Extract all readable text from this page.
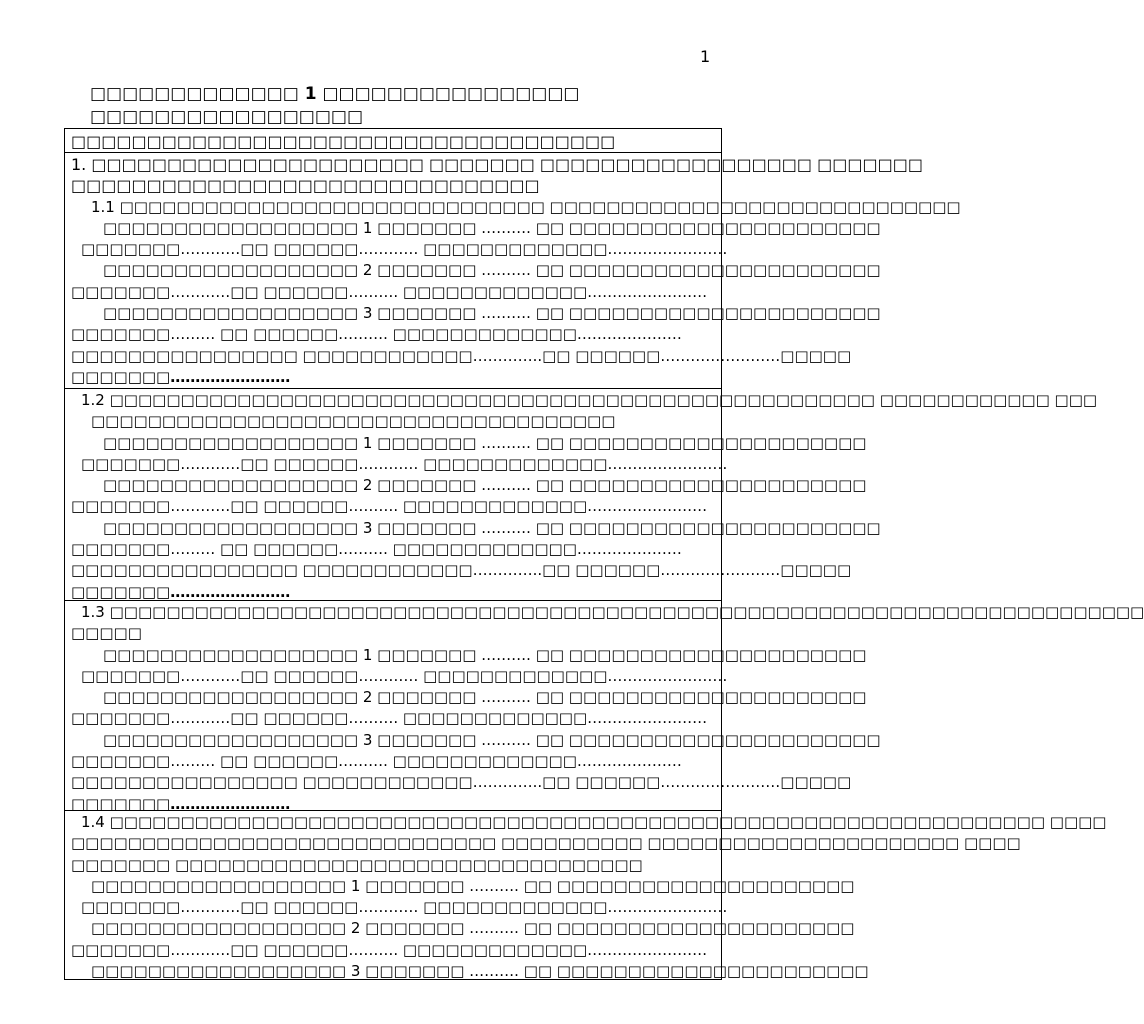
1
□□□□□□□□□□□□□ 1 □□□□□□□□□□□□□□□□
□□□□□□□□□□□□□□□□□
□□□□□□□□□□□□□□□□□□□□□□□□□□□□□□□□□□□□
1. □□□□□□□□□□□□□□□□□□□□□□ □□□□□□□ □□□□□□□□□□□□□□□□□□ □□□□□□□
□□□□□□□□□□□□□□□□□□□□□□□□□□□□□□□
1.1 □□□□□□□□□□□□□□□□□□□□□□□□□□□□□□ □□□□□□□□□□□□□□□□□□□□□□□□□□□□□
□□□□□□□□□□□□□□□□□□ 1 □□□□□□□ ………. □□ □□□□□□□□□□□□□□□□□□□□□□
□□□□□□□…………□□ □□□□□□………… □□□□□□□□□□□□□……………………
□□□□□□□□□□□□□□□□□□ 2 □□□□□□□ ………. □□ □□□□□□□□□□□□□□□□□□□□□□
□□□□□□□…………□□ □□□□□□………. □□□□□□□□□□□□□……………………
□□□□□□□□□□□□□□□□□□ 3 □□□□□□□ ………. □□ □□□□□□□□□□□□□□□□□□□□□□
□□□□□□□……… □□ □□□□□□………. □□□□□□□□□□□□□…………………
□□□□□□□□□□□□□□□□ □□□□□□□□□□□□…………..□□ □□□□□□……………………□□□□□
□□□□□□□……………………
1.2 □□□□□□□□□□□□□□□□□□□□□□□□□□□□□□□□□□□□□□□□□□□□□□□□□□□□□□ □□□□□□□□□□□□ □□□
□□□□□□□□□□□□□□□□□□□□□□□□□□□□□□□□□□□□□
□□□□□□□□□□□□□□□□□□ 1 □□□□□□□ ………. □□ □□□□□□□□□□□□□□□□□□□□□
□□□□□□□…………□□ □□□□□□………… □□□□□□□□□□□□□……………………
□□□□□□□□□□□□□□□□□□ 2 □□□□□□□ ………. □□ □□□□□□□□□□□□□□□□□□□□□
□□□□□□□…………□□ □□□□□□………. □□□□□□□□□□□□□……………………
□□□□□□□□□□□□□□□□□□ 3 □□□□□□□ ………. □□ □□□□□□□□□□□□□□□□□□□□□□
□□□□□□□……… □□ □□□□□□………. □□□□□□□□□□□□□…………………
□□□□□□□□□□□□□□□□ □□□□□□□□□□□□…………..□□ □□□□□□……………………□□□□□
□□□□□□□……………………
1.3 □□□□□□□□□□□□□□□□□□□□□□□□□□□□□□□□□□□□□□□□□□□□□□□□□□□□□□□□□□□□□□□□□□□□□□□□□
□□□□□
□□□□□□□□□□□□□□□□□□ 1 □□□□□□□ ………. □□ □□□□□□□□□□□□□□□□□□□□□
□□□□□□□…………□□ □□□□□□………… □□□□□□□□□□□□□……………………
□□□□□□□□□□□□□□□□□□ 2 □□□□□□□ ………. □□ □□□□□□□□□□□□□□□□□□□□□
□□□□□□□…………□□ □□□□□□………. □□□□□□□□□□□□□……………………
□□□□□□□□□□□□□□□□□□ 3 □□□□□□□ ………. □□ □□□□□□□□□□□□□□□□□□□□□□
□□□□□□□……… □□ □□□□□□………. □□□□□□□□□□□□□…………………
□□□□□□□□□□□□□□□□ □□□□□□□□□□□□…………..□□ □□□□□□……………………□□□□□
□□□□□□□……………………
1.4 □□□□□□□□□□□□□□□□□□□□□□□□□□□□□□□□□□□□□□□□□□□□□□□□□□□□□□□□□□□□□□□□□□ □□□□
□□□□□□□□□□□□□□□□□□□□□□□□□□□□□□ □□□□□□□□□□ □□□□□□□□□□□□□□□□□□□□□□ □□□□
□□□□□□□ □□□□□□□□□□□□□□□□□□□□□□□□□□□□□□□□□
□□□□□□□□□□□□□□□□□□ 1 □□□□□□□ ………. □□ □□□□□□□□□□□□□□□□□□□□□
□□□□□□□…………□□ □□□□□□………… □□□□□□□□□□□□□……………………
□□□□□□□□□□□□□□□□□□ 2 □□□□□□□ ………. □□ □□□□□□□□□□□□□□□□□□□□□
□□□□□□□…………□□ □□□□□□………. □□□□□□□□□□□□□……………………
□□□□□□□□□□□□□□□□□□ 3 □□□□□□□ ………. □□ □□□□□□□□□□□□□□□□□□□□□□
